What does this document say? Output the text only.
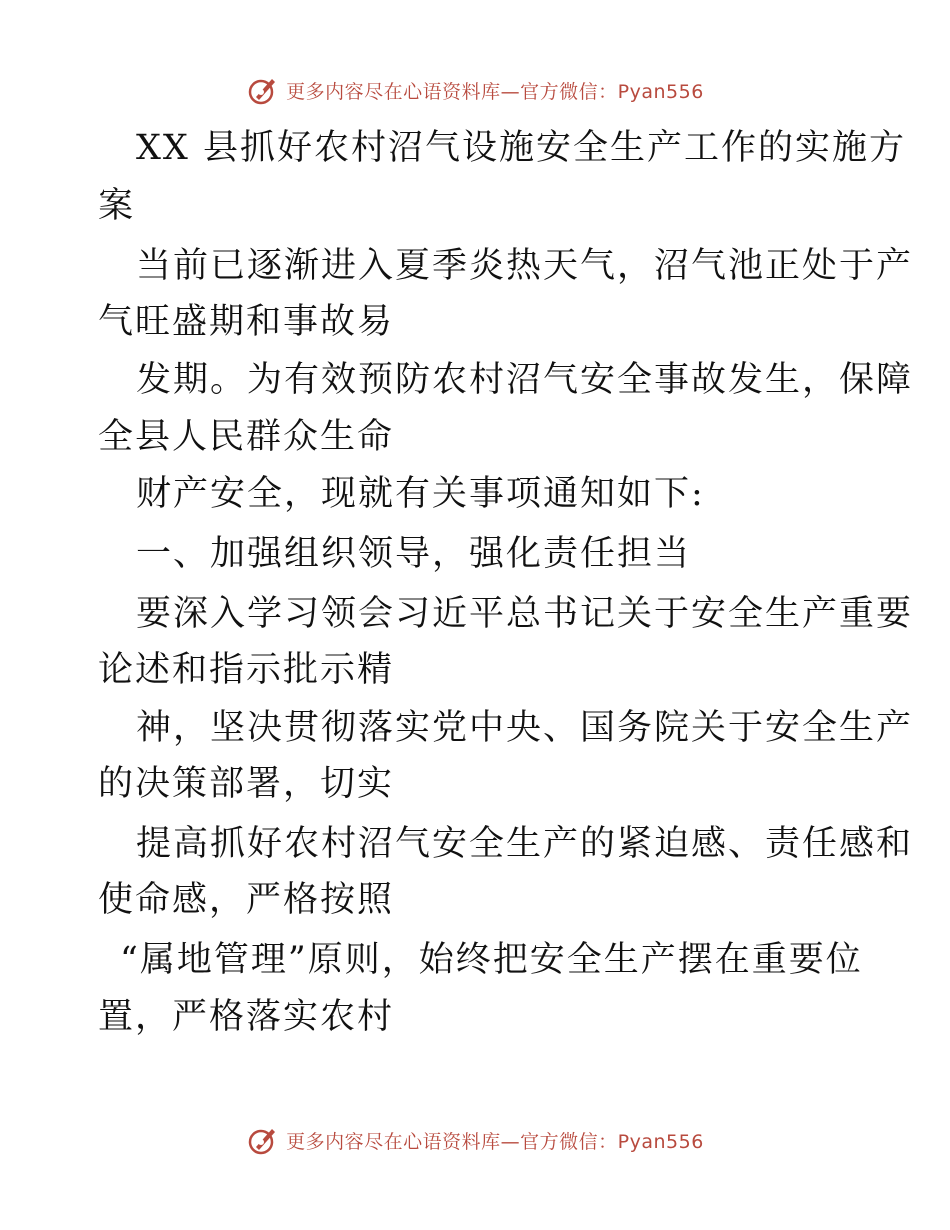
更多内容尽在心语资料库—官方微信：Pyan556
XX 县抓好农村沼气设施安全生产工作的实施方
案
当前已逐渐进入夏季炎热天气，沼气池正处于产
气旺盛期和事故易
发期。为有效预防农村沼气安全事故发生，保障
全县人民群众生命
财产安全，现就有关事项通知如下:
一、加强组织领导，强化责任担当
要深入学习领会习近平总书记关于安全生产重要
论述和指示批示精
神，坚决贯彻落实党中央、国务院关于安全生产
的决策部署，切实
提高抓好农村沼气安全生产的紧迫感、责任感和
使命感，严格按照
“属地管理”原则，始终把安全生产摆在重要位
置，严格落实农村
更多内容尽在心语资料库—官方微信：Pyan556
